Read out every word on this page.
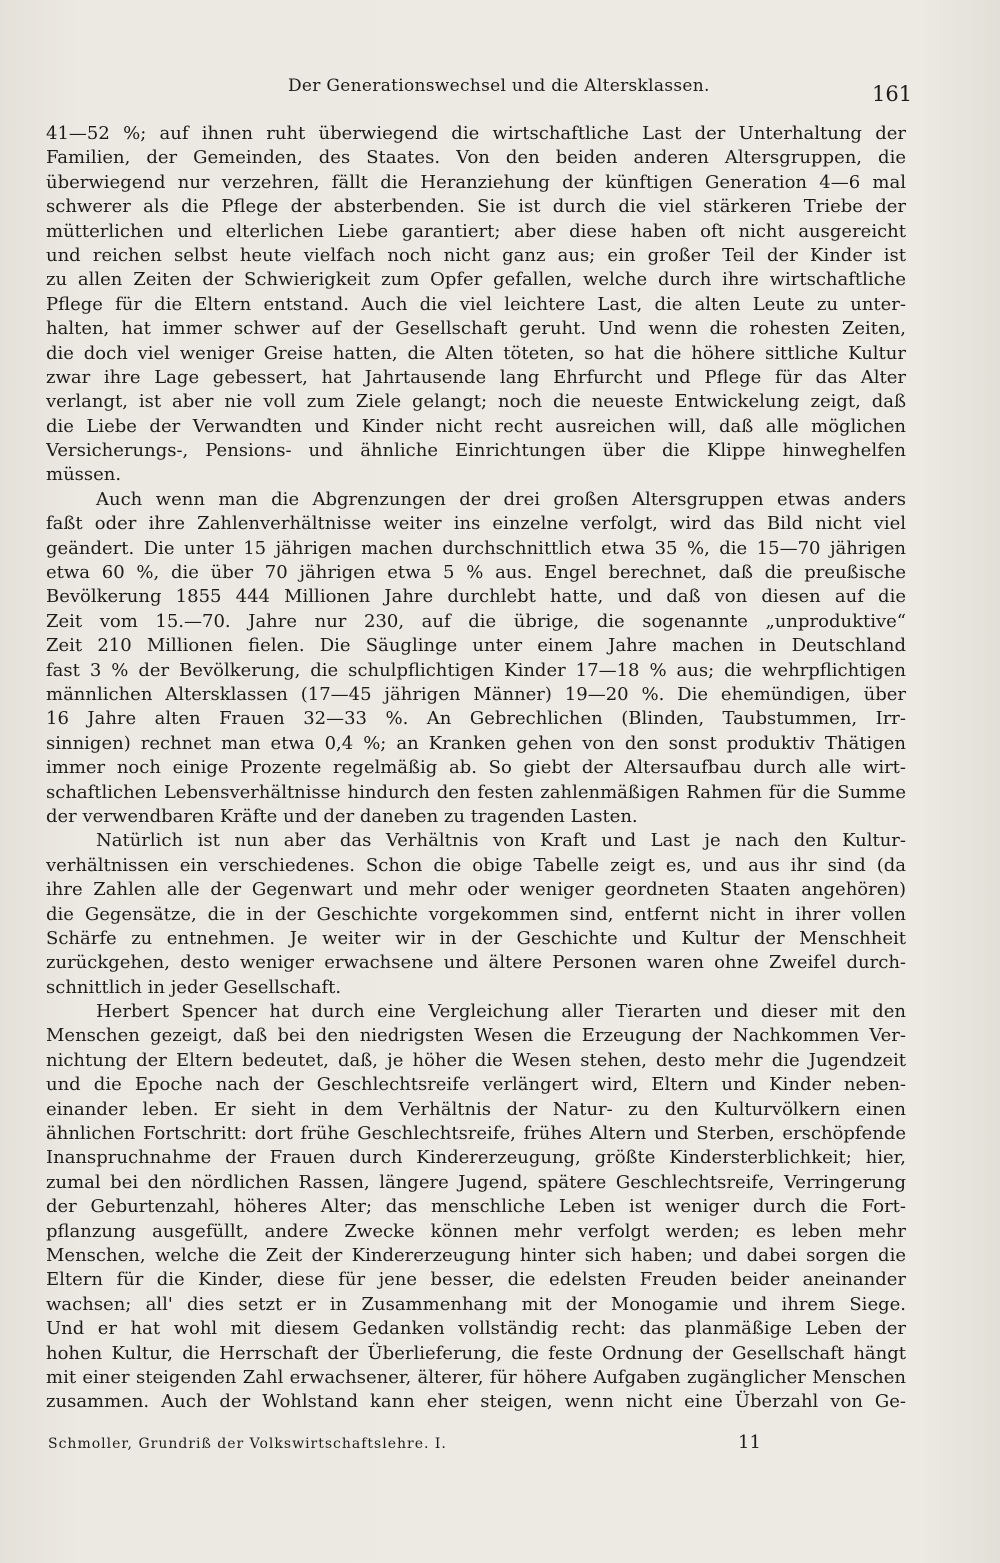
Der Generationswechsel und die Altersklassen.	161
41—52 %; auf ihnen ruht überwiegend die wirtschaftliche Last der Unterhaltung der
Familien, der Gemeinden, des Staates. Von den beiden anderen Altersgruppen, die
überwiegend nur verzehren, fällt die Heranziehung der künftigen Generation 4—6 mal
schwerer als die Pflege der absterbenden. Sie ist durch die viel stärkeren Triebe der
mütterlichen und elterlichen Liebe garantiert; aber diese haben oft nicht ausgereicht
und reichen selbst heute vielfach noch nicht ganz aus; ein großer Teil der Kinder ist
zu allen Zeiten der Schwierigkeit zum Opfer gefallen, welche durch ihre wirtschaftliche
Pflege für die Eltern entstand. Auch die viel leichtere Last, die alten Leute zu unter-
halten, hat immer schwer auf der Gesellschaft geruht. Und wenn die rohesten Zeiten,
die doch viel weniger Greise hatten, die Alten töteten, so hat die höhere sittliche Kultur
zwar ihre Lage gebessert, hat Jahrtausende lang Ehrfurcht und Pflege für das Alter
verlangt, ist aber nie voll zum Ziele gelangt; noch die neueste Entwickelung zeigt, daß
die Liebe der Verwandten und Kinder nicht recht ausreichen will, daß alle möglichen
Versicherungs-, Pensions- und ähnliche Einrichtungen über die Klippe hinweghelfen
müssen.
Auch wenn man die Abgrenzungen der drei großen Altersgruppen etwas anders
faßt oder ihre Zahlenverhältnisse weiter ins einzelne verfolgt, wird das Bild nicht viel
geändert. Die unter 15 jährigen machen durchschnittlich etwa 35 %, die 15—70 jährigen
etwa 60 %, die über 70 jährigen etwa 5 % aus. Engel berechnet, daß die preußische
Bevölkerung 1855 444 Millionen Jahre durchlebt hatte, und daß von diesen auf die
Zeit vom 15.—70. Jahre nur 230, auf die übrige, die sogenannte „unproduktive“
Zeit 210 Millionen fielen. Die Säuglinge unter einem Jahre machen in Deutschland
fast 3 % der Bevölkerung, die schulpflichtigen Kinder 17—18 % aus; die wehrpflichtigen
männlichen Altersklassen (17—45 jährigen Männer) 19—20 %. Die ehemündigen, über
16 Jahre alten Frauen 32—33 %. An Gebrechlichen (Blinden, Taubstummen, Irr-
sinnigen) rechnet man etwa 0,4 %; an Kranken gehen von den sonst produktiv Thätigen
immer noch einige Prozente regelmäßig ab. So giebt der Altersaufbau durch alle wirt-
schaftlichen Lebensverhältnisse hindurch den festen zahlenmäßigen Rahmen für die Summe
der verwendbaren Kräfte und der daneben zu tragenden Lasten.
Natürlich ist nun aber das Verhältnis von Kraft und Last je nach den Kultur-
verhältnissen ein verschiedenes. Schon die obige Tabelle zeigt es, und aus ihr sind (da
ihre Zahlen alle der Gegenwart und mehr oder weniger geordneten Staaten angehören)
die Gegensätze, die in der Geschichte vorgekommen sind, entfernt nicht in ihrer vollen
Schärfe zu entnehmen. Je weiter wir in der Geschichte und Kultur der Menschheit
zurückgehen, desto weniger erwachsene und ältere Personen waren ohne Zweifel durch-
schnittlich in jeder Gesellschaft.
Herbert Spencer hat durch eine Vergleichung aller Tierarten und dieser mit den
Menschen gezeigt, daß bei den niedrigsten Wesen die Erzeugung der Nachkommen Ver-
nichtung der Eltern bedeutet, daß, je höher die Wesen stehen, desto mehr die Jugendzeit
und die Epoche nach der Geschlechtsreife verlängert wird, Eltern und Kinder neben-
einander leben. Er sieht in dem Verhältnis der Natur- zu den Kulturvölkern einen
ähnlichen Fortschritt: dort frühe Geschlechtsreife, frühes Altern und Sterben, erschöpfende
Inanspruchnahme der Frauen durch Kindererzeugung, größte Kindersterblichkeit; hier,
zumal bei den nördlichen Rassen, längere Jugend, spätere Geschlechtsreife, Verringerung
der Geburtenzahl, höheres Alter; das menschliche Leben ist weniger durch die Fort-
pflanzung ausgefüllt, andere Zwecke können mehr verfolgt werden; es leben mehr
Menschen, welche die Zeit der Kindererzeugung hinter sich haben; und dabei sorgen die
Eltern für die Kinder, diese für jene besser, die edelsten Freuden beider aneinander
wachsen; all' dies setzt er in Zusammenhang mit der Monogamie und ihrem Siege.
Und er hat wohl mit diesem Gedanken vollständig recht: das planmäßige Leben der
hohen Kultur, die Herrschaft der Überlieferung, die feste Ordnung der Gesellschaft hängt
mit einer steigenden Zahl erwachsener, älterer, für höhere Aufgaben zugänglicher Menschen
zusammen. Auch der Wohlstand kann eher steigen, wenn nicht eine Überzahl von Ge-
Schmoller, Grundriß der Volkswirtschaftslehre. I.	11
